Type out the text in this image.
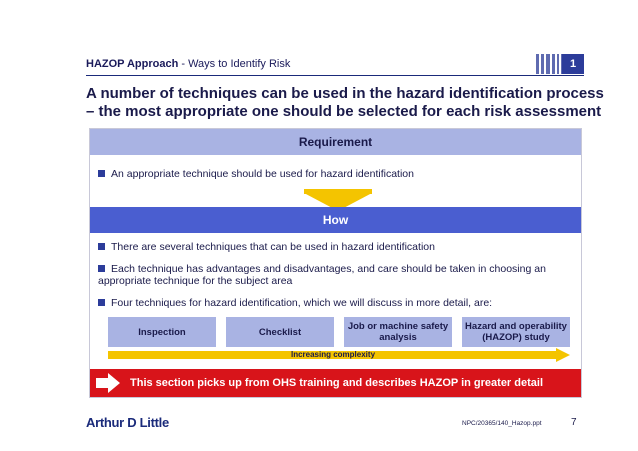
HAZOP Approach - Ways to Identify Risk	1
A number of techniques can be used in the hazard identification process – the most appropriate one should be selected for each risk assessment
Requirement
An appropriate technique should be used for hazard identification
How
There are several techniques that can be used in hazard identification
Each technique has advantages and disadvantages, and care should be taken in choosing an appropriate technique for the subject area
Four techniques for hazard identification, which we will discuss in more detail, are:
Inspection	Checklist	Job or machine safety analysis
Hazard and operability (HAZOP) study
Increasing complexity
This section picks up from OHS training and describes HAZOP in greater detail
Arthur D Little	NPC/20365/140_Hazop.ppt	7
